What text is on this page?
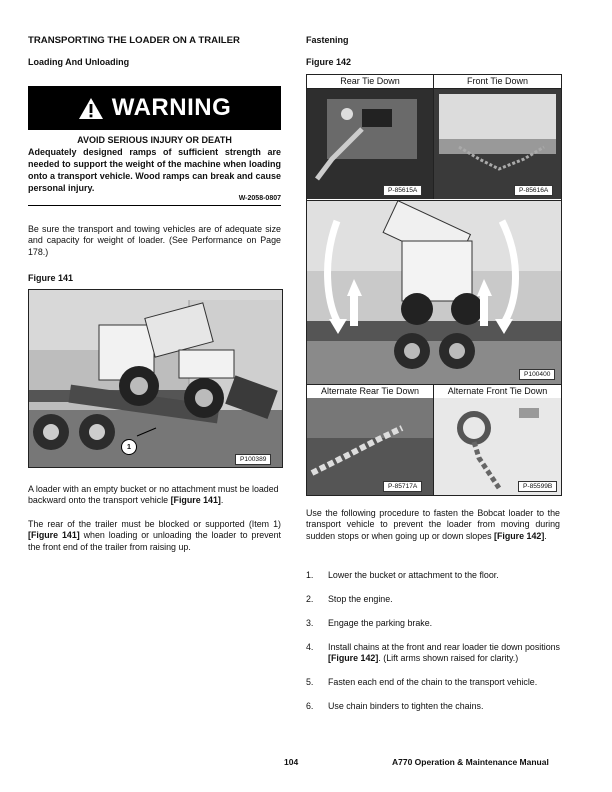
TRANSPORTING THE LOADER ON A TRAILER
Loading And Unloading
WARNING
AVOID SERIOUS INJURY OR DEATH
Adequately designed ramps of sufficient strength are needed to support the weight of the machine when loading onto a transport vehicle. Wood ramps can break and cause personal injury.
W-2058-0807
Be sure the transport and towing vehicles are of adequate size and capacity for weight of loader. (See Performance on Page 178.)
Figure 141
1
P100389
A loader with an empty bucket or no attachment must be loaded backward onto the transport vehicle [Figure 141].
The rear of the trailer must be blocked or supported (Item 1) [Figure 141] when loading or unloading the loader to prevent the front end of the trailer from raising up.
Fastening
Figure 142
Rear Tie Down	Front Tie Down
P-85615A	P-85616A
P100400
Alternate Rear Tie Down	Alternate Front Tie Down
P-85717A	P-85599B
Use the following procedure to fasten the Bobcat loader to the transport vehicle to prevent the loader from moving during sudden stops or when going up or down slopes [Figure 142].
1. Lower the bucket or attachment to the floor.
2. Stop the engine.
3. Engage the parking brake.
4. Install chains at the front and rear loader tie down positions [Figure 142]. (Lift arms shown raised for clarity.)
5. Fasten each end of the chain to the transport vehicle.
6. Use chain binders to tighten the chains.
104	A770 Operation & Maintenance Manual
